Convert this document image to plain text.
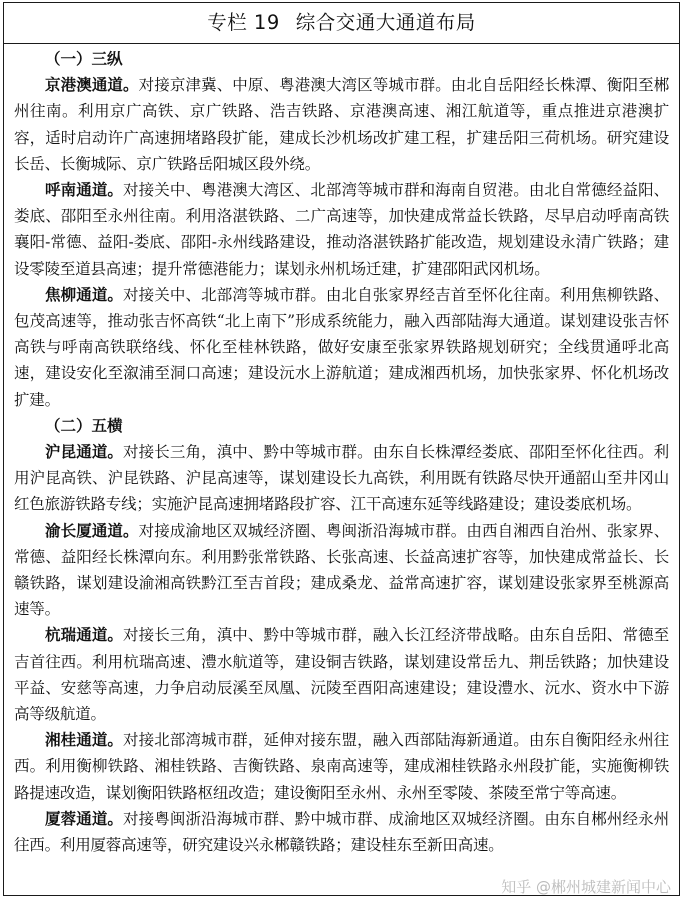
专栏 19 综合交通大通道布局
（一）三纵

京港澳通道。对接京津冀、中原、粤港澳大湾区等城市群。由北自岳阳经长株潭、衡阳至郴州往南。利用京广高铁、京广铁路、浩吉铁路、京港澳高速、湘江航道等，重点推进京港澳扩容，适时启动许广高速拥堵路段扩能，建成长沙机场改扩建工程，扩建岳阳三荷机场。研究建设长岳、长衡城际、京广铁路岳阳城区段外绕。

呼南通道。对接关中、粤港澳大湾区、北部湾等城市群和海南自贸港。由北自常德经益阳、娄底、邵阳至永州往南。利用洛湛铁路、二广高速等，加快建成常益长铁路，尽早启动呼南高铁襄阳-常德、益阳-娄底、邵阳-永州线路建设，推动洛湛铁路扩能改造，规划建设永清广铁路；建设零陵至道县高速；提升常德港能力；谋划永州机场迁建，扩建邵阳武冈机场。

焦柳通道。对接关中、北部湾等城市群。由北自张家界经吉首至怀化往南。利用焦柳铁路、包茂高速等，推动张吉怀高铁“北上南下”形成系统能力，融入西部陆海大通道。谋划建设张吉怀高铁与呼南高铁联络线、怀化至桂林铁路，做好安康至张家界铁路规划研究；全线贯通呼北高速，建设安化至溆浦至洞口高速；建设沅水上游航道；建成湘西机场，加快张家界、怀化机场改扩建。

（二）五横

沪昆通道。对接长三角，滇中、黔中等城市群。由东自长株潭经娄底、邵阳至怀化往西。利用沪昆高铁、沪昆铁路、沪昆高速等，谋划建设长九高铁，利用既有铁路尽快开通韶山至井冈山红色旅游铁路专线；实施沪昆高速拥堵路段扩容、江干高速东延等线路建设；建设娄底机场。

渝长厦通道。对接成渝地区双城经济圈、粤闽浙沿海城市群。由西自湘西自治州、张家界、常德、益阳经长株潭向东。利用黔张常铁路、长张高速、长益高速扩容等，加快建成常益长、长赣铁路，谋划建设渝湘高铁黔江至吉首段；建成桑龙、益常高速扩容，谋划建设张家界至桃源高速等。

杭瑞通道。对接长三角，滇中、黔中等城市群，融入长江经济带战略。由东自岳阳、常德至吉首往西。利用杭瑞高速、澧水航道等，建设铜吉铁路，谋划建设常岳九、荆岳铁路；加快建设平益、安慈等高速，力争启动辰溪至凤凰、沅陵至酉阳高速建设；建设澧水、沅水、资水中下游高等级航道。

湘桂通道。对接北部湾城市群，延伸对接东盟，融入西部陆海新通道。由东自衡阳经永州往西。利用衡柳铁路、湘桂铁路、吉衡铁路、泉南高速等，建成湘桂铁路永州段扩能，实施衡柳铁路提速改造，谋划衡阳铁路枢纽改造；建设衡阳至永州、永州至零陵、茶陵至常宁等高速。

厦蓉通道。对接粤闽浙沿海城市群、黔中城市群、成渝地区双城经济圈。由东自郴州经永州往西。利用厦蓉高速等，研究建设兴永郴赣铁路；建设桂东至新田高速。

知乎 @郴州城建新闻中心
